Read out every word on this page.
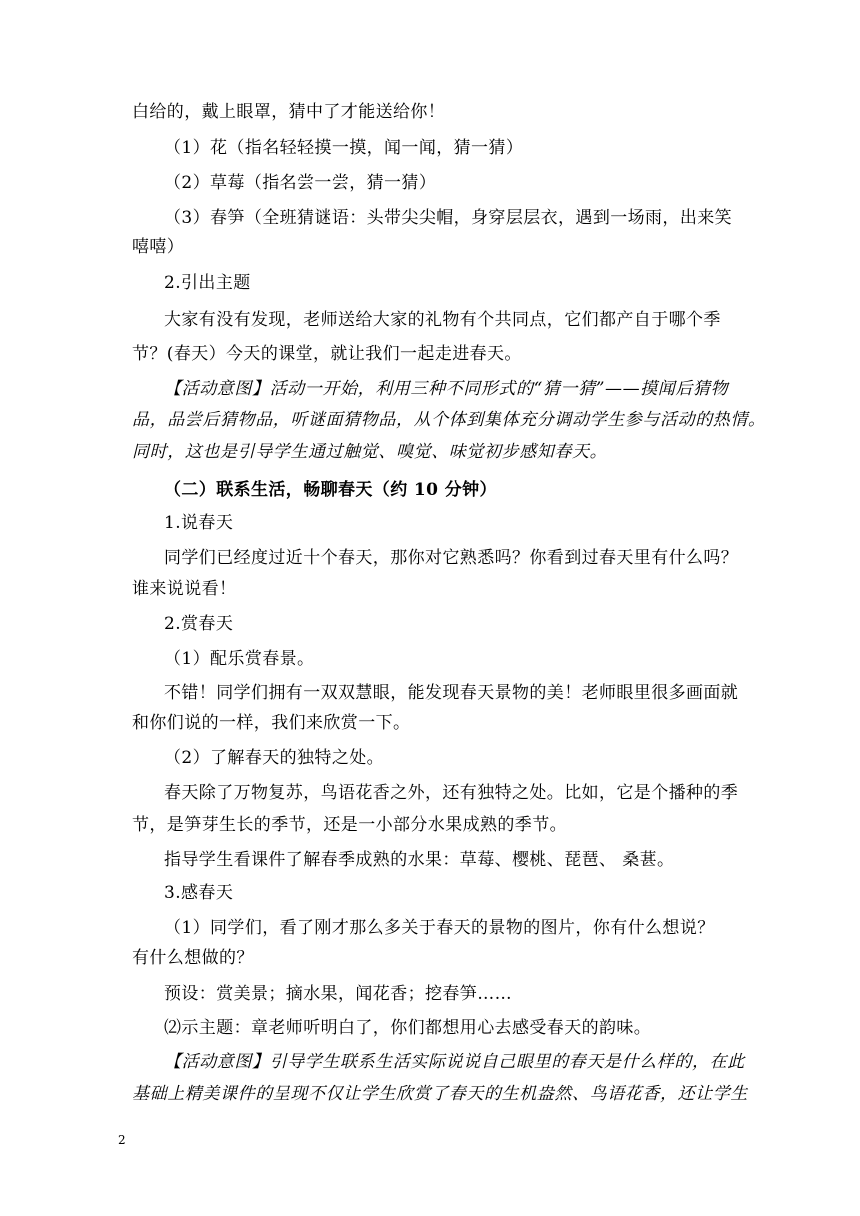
白给的，戴上眼罩，猜中了才能送给你！
（1）花（指名轻轻摸一摸，闻一闻，猜一猜）
（2）草莓（指名尝一尝，猜一猜）
（3）春笋（全班猜谜语：头带尖尖帽，身穿层层衣，遇到一场雨，出来笑
嘻嘻）
2.引出主题
大家有没有发现，老师送给大家的礼物有个共同点，它们都产自于哪个季
节？(春天）今天的课堂，就让我们一起走进春天。
【活动意图】活动一开始，利用三种不同形式的“猜一猜”——摸闻后猜物
品，品尝后猜物品，听谜面猜物品，从个体到集体充分调动学生参与活动的热情。
同时，这也是引导学生通过触觉、嗅觉、味觉初步感知春天。
（二）联系生活，畅聊春天（约 10 分钟）
1.说春天
同学们已经度过近十个春天，那你对它熟悉吗？你看到过春天里有什么吗？
谁来说说看！
2.赏春天
（1）配乐赏春景。
不错！同学们拥有一双双慧眼，能发现春天景物的美！老师眼里很多画面就
和你们说的一样，我们来欣赏一下。
（2）了解春天的独特之处。
春天除了万物复苏，鸟语花香之外，还有独特之处。比如，它是个播种的季
节，是笋芽生长的季节，还是一小部分水果成熟的季节。
指导学生看课件了解春季成熟的水果：草莓、樱桃、琵琶、 桑葚。
3.感春天
（1）同学们，看了刚才那么多关于春天的景物的图片，你有什么想说？
有什么想做的？
预设：赏美景；摘水果，闻花香；挖春笋……
⑵示主题：章老师听明白了，你们都想用心去感受春天的韵味。
【活动意图】引导学生联系生活实际说说自己眼里的春天是什么样的，在此
基础上精美课件的呈现不仅让学生欣赏了春天的生机盎然、鸟语花香，还让学生
2
